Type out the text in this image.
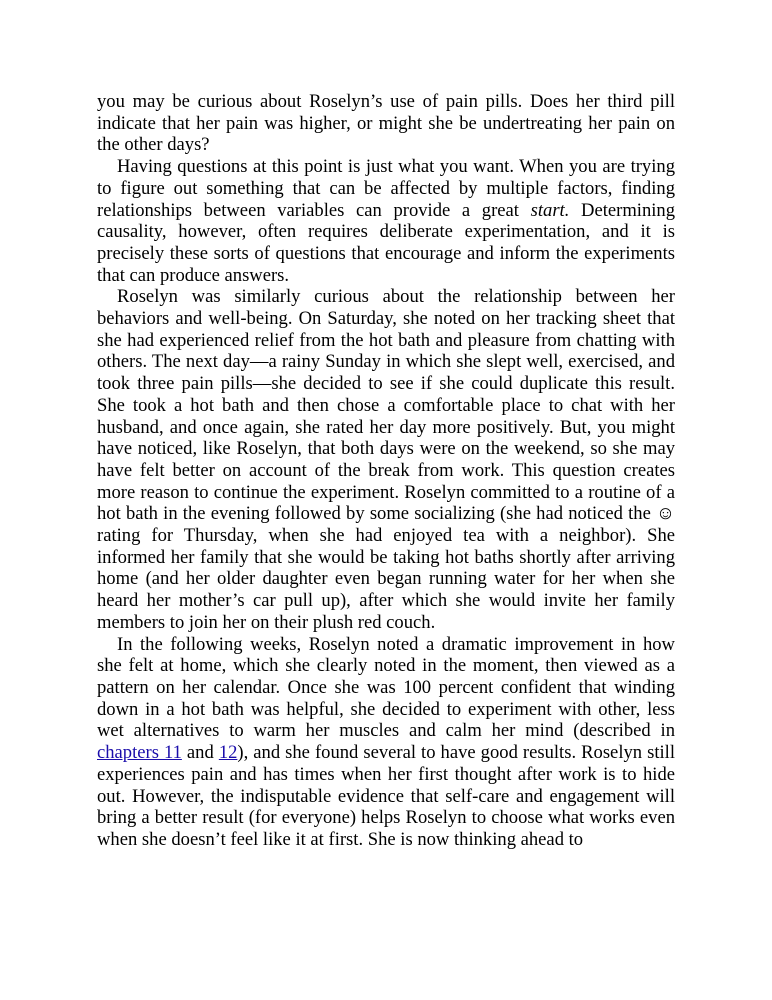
you may be curious about Roselyn’s use of pain pills. Does her third pill indicate that her pain was higher, or might she be undertreating her pain on the other days?

Having questions at this point is just what you want. When you are trying to figure out something that can be affected by multiple factors, finding relationships between variables can provide a great start. Determining causality, however, often requires deliberate experimentation, and it is precisely these sorts of questions that encourage and inform the experiments that can produce answers.

Roselyn was similarly curious about the relationship between her behaviors and well-being. On Saturday, she noted on her tracking sheet that she had experienced relief from the hot bath and pleasure from chatting with others. The next day—a rainy Sunday in which she slept well, exercised, and took three pain pills—she decided to see if she could duplicate this result. She took a hot bath and then chose a comfortable place to chat with her husband, and once again, she rated her day more positively. But, you might have noticed, like Roselyn, that both days were on the weekend, so she may have felt better on account of the break from work. This question creates more reason to continue the experiment. Roselyn committed to a routine of a hot bath in the evening followed by some socializing (she had noticed the ☺ rating for Thursday, when she had enjoyed tea with a neighbor). She informed her family that she would be taking hot baths shortly after arriving home (and her older daughter even began running water for her when she heard her mother’s car pull up), after which she would invite her family members to join her on their plush red couch.

In the following weeks, Roselyn noted a dramatic improvement in how she felt at home, which she clearly noted in the moment, then viewed as a pattern on her calendar. Once she was 100 percent confident that winding down in a hot bath was helpful, she decided to experiment with other, less wet alternatives to warm her muscles and calm her mind (described in chapters 11 and 12), and she found several to have good results. Roselyn still experiences pain and has times when her first thought after work is to hide out. However, the indisputable evidence that self-care and engagement will bring a better result (for everyone) helps Roselyn to choose what works even when she doesn’t feel like it at first. She is now thinking ahead to
